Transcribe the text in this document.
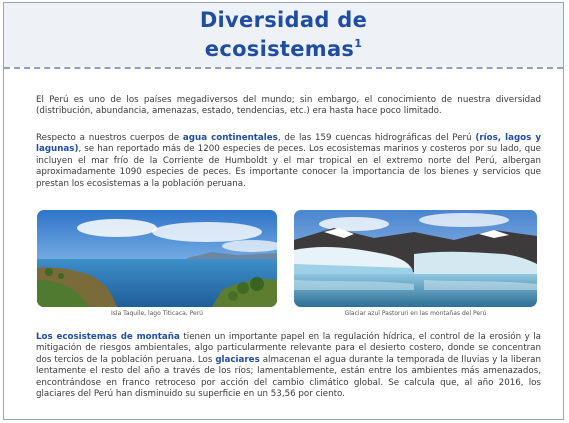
Diversidad de
ecosistemas$^1$

El Perú es uno de los países megadiversos del mundo; sin embargo, el conocimiento de nuestra diversidad (distribución, abundancia, amenazas, estado, tendencias, etc.) era hasta hace poco limitado.

Respecto a nuestros cuerpos de agua continentales, de las 159 cuencas hidrográficas del Perú (ríos, lagos y lagunas), se han reportado más de 1200 especies de peces. Los ecosistemas marinos y costeros por su lado, que incluyen el mar frío de la Corriente de Humboldt y el mar tropical en el extremo norte del Perú, albergan aproximadamente 1090 especies de peces. Es importante conocer la importancia de los bienes y servicios que prestan los ecosistemas a la población peruana.

Isla Taquile, lago Titicaca, Perú	Glaciar azul Pastoruri en las montañas del Perú

Los ecosistemas de montaña tienen un importante papel en la regulación hídrica, el control de la erosión y la mitigación de riesgos ambientales, algo particularmente relevante para el desierto costero, donde se concentran dos tercios de la población peruana. Los glaciares almacenan el agua durante la temporada de lluvias y la liberan lentamente el resto del año a través de los ríos; lamentablemente, están entre los ambientes más amenazados, encontrándose en franco retroceso por acción del cambio climático global. Se calcula que, al año 2016, los glaciares del Perú han disminuido su superficie en un 53,56 por ciento.
